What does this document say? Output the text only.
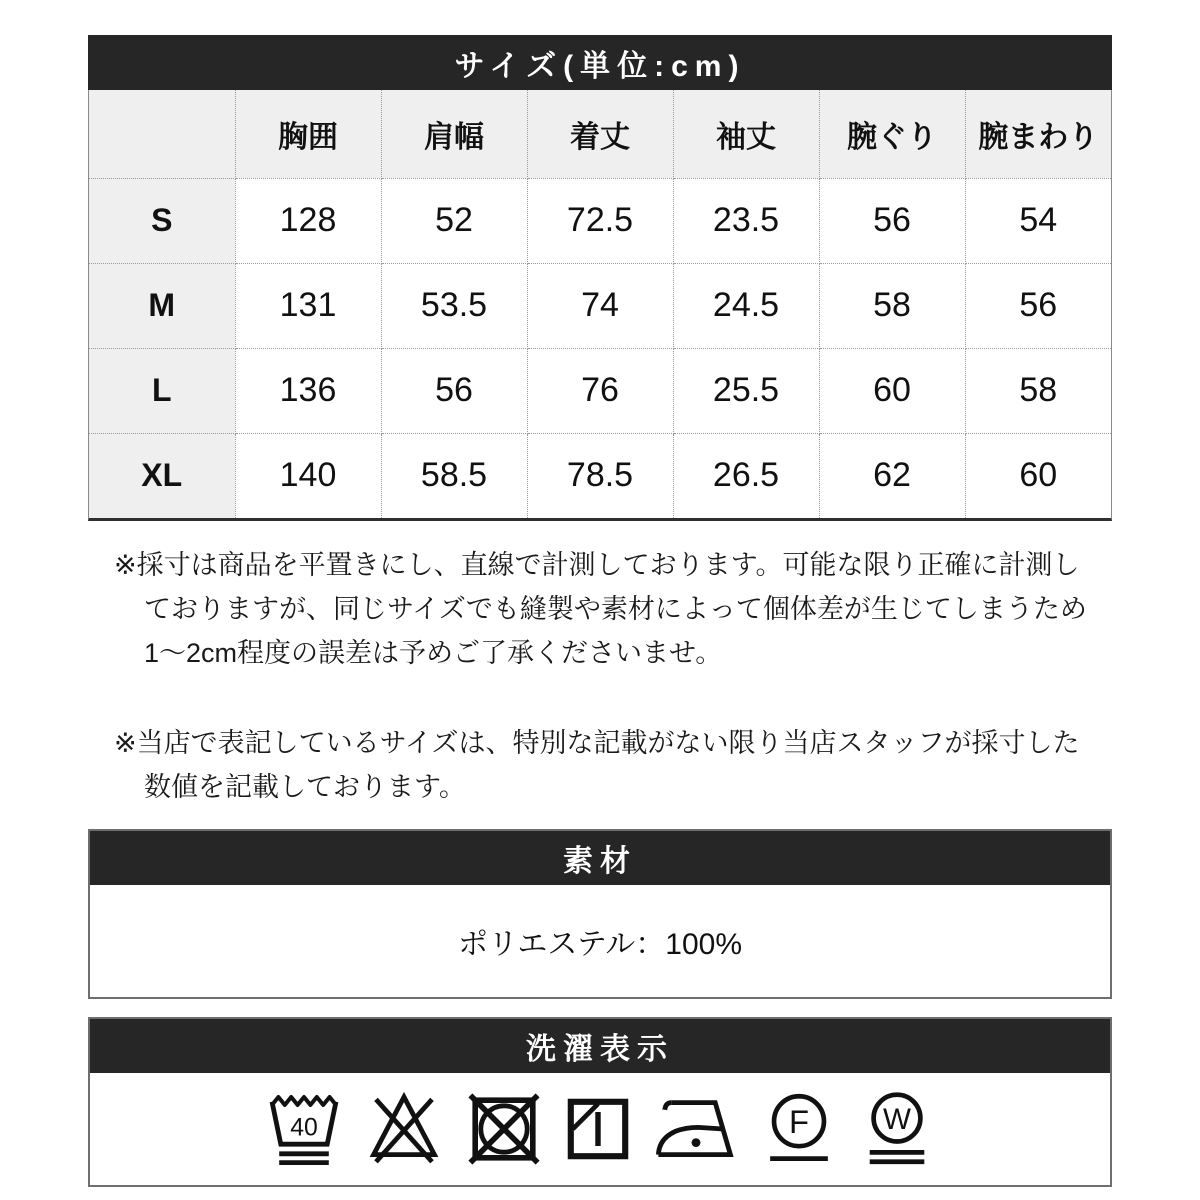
サイズ(単位:cm)
	胸囲	肩幅	着丈	袖丈	腕ぐり	腕まわり
S	128	52	72.5	23.5	56	54
M	131	53.5	74	24.5	58	56
L	136	56	76	25.5	60	58
XL	140	58.5	78.5	26.5	62	60
※採寸は商品を平置きにし、直線で計測しております。可能な限り正確に計測し
ておりますが、同じサイズでも縫製や素材によって個体差が生じてしまうため
1〜2cm程度の誤差は予めご了承くださいませ。
※当店で表記しているサイズは、特別な記載がない限り当店スタッフが採寸した
数値を記載しております。
素材
ポリエステル：100%
洗濯表示
40	F W
